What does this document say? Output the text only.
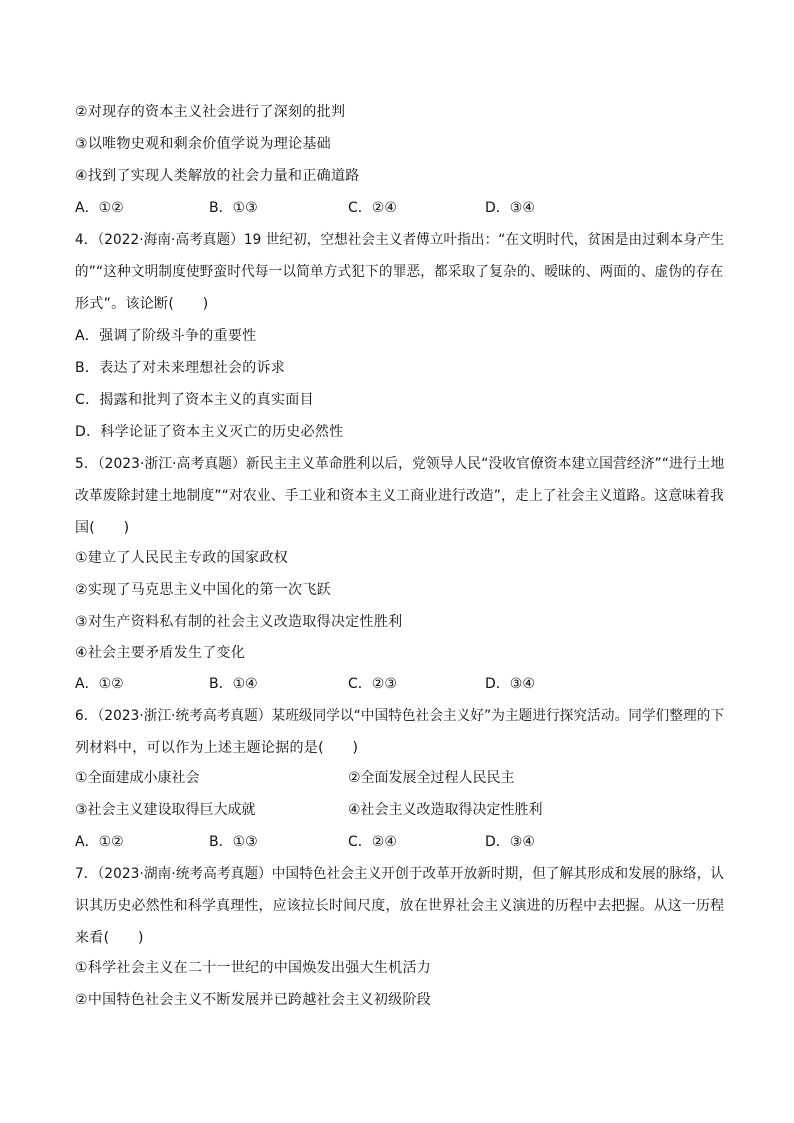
②对现存的资本主义社会进行了深刻的批判
③以唯物史观和剩余价值学说为理论基础
④找到了实现人类解放的社会力量和正确道路
A．①②	B．①③	C．②④	D．③④
4．（2022·海南·高考真题）19 世纪初，空想社会主义者傅立叶指出：“在文明时代，贫困是由过剩本身产生
的”“这种文明制度使野蛮时代每一以简单方式犯下的罪恶，都采取了复杂的、暧昧的、两面的、虚伪的存在
形式”。该论断(　　)
A．强调了阶级斗争的重要性
B．表达了对未来理想社会的诉求
C．揭露和批判了资本主义的真实面目
D．科学论证了资本主义灭亡的历史必然性
5．（2023·浙江·高考真题）新民主主义革命胜利以后，党领导人民“没收官僚资本建立国营经济”“进行土地
改革废除封建土地制度”“对农业、手工业和资本主义工商业进行改造”，走上了社会主义道路。这意味着我
国(　　)
①建立了人民民主专政的国家政权
②实现了马克思主义中国化的第一次飞跃
③对生产资料私有制的社会主义改造取得决定性胜利
④社会主要矛盾发生了变化
A．①②	B．①④	C．②③	D．③④
6．（2023·浙江·统考高考真题）某班级同学以“中国特色社会主义好”为主题进行探究活动。同学们整理的下
列材料中，可以作为上述主题论据的是(　　)
①全面建成小康社会	②全面发展全过程人民民主
③社会主义建设取得巨大成就	④社会主义改造取得决定性胜利
A．①②	B．①③	C．②④	D．③④
7．（2023·湖南·统考高考真题）中国特色社会主义开创于改革开放新时期，但了解其形成和发展的脉络，认
识其历史必然性和科学真理性，应该拉长时间尺度，放在世界社会主义演进的历程中去把握。从这一历程
来看(　　)
①科学社会主义在二十一世纪的中国焕发出强大生机活力
②中国特色社会主义不断发展并已跨越社会主义初级阶段
